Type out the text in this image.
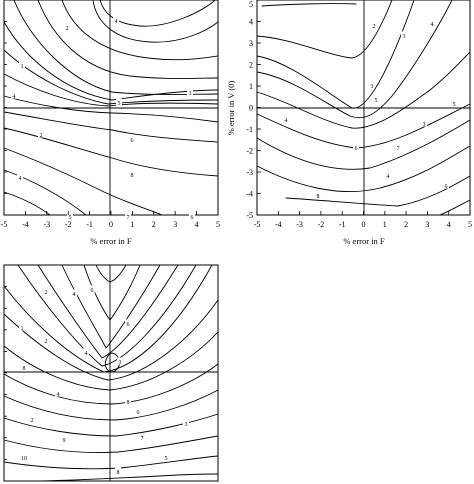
4
2
1
4	3
5
6
8
2
4
6
7
5
-5 -4 -3 -2 -1 0 1 2 3 4 5
% error in F
2
3
4
5
3
4
6
8
7
3
5
4
6
-5 -4 -3 -2 -1 0 1 2 3 4 5
-5
-4
-3
-2
-1
0
1
2
3
4
5
% error in F
% error in V (0)
2	4
6
1
8
4
2
6
3
4
2
8
6
7
5
8
9
10
3
